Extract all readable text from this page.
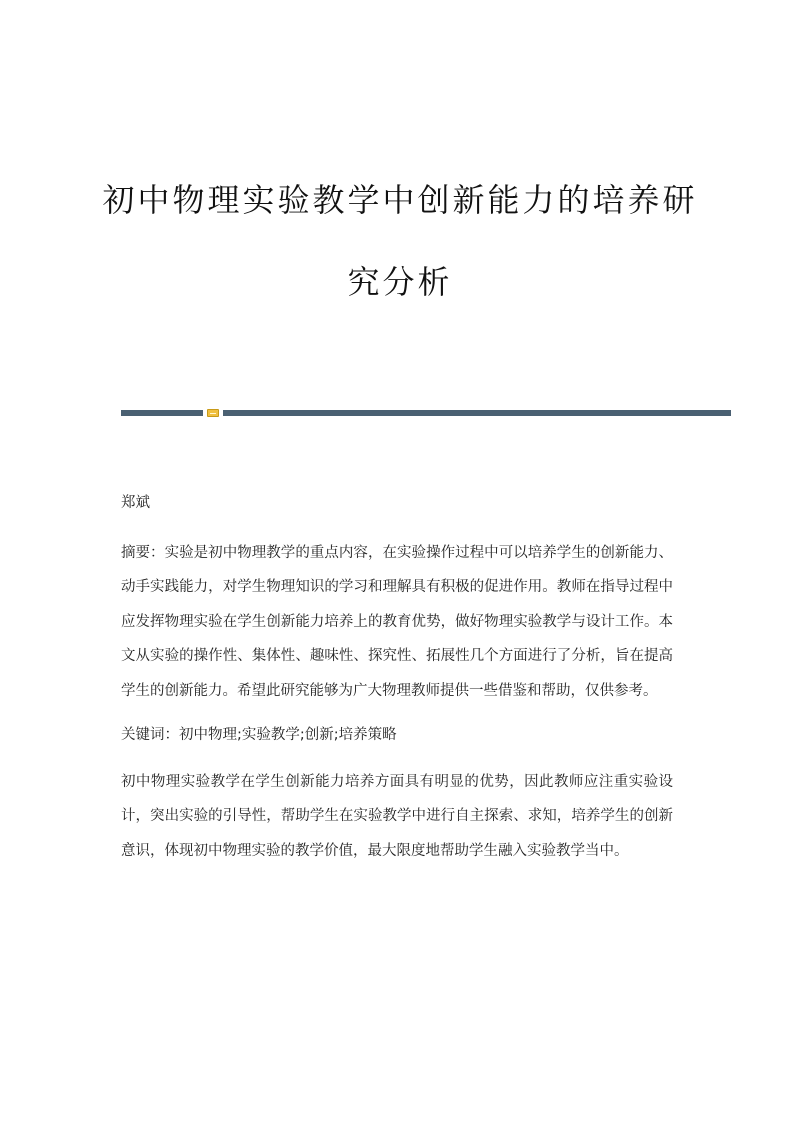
初中物理实验教学中创新能力的培养研

究分析

郑斌

摘要：实验是初中物理教学的重点内容，在实验操作过程中可以培养学生的创新能力、动手实践能力，对学生物理知识的学习和理解具有积极的促进作用。教师在指导过程中应发挥物理实验在学生创新能力培养上的教育优势，做好物理实验教学与设计工作。本文从实验的操作性、集体性、趣味性、探究性、拓展性几个方面进行了分析，旨在提高学生的创新能力。希望此研究能够为广大物理教师提供一些借鉴和帮助，仅供参考。

关键词：初中物理;实验教学;创新;培养策略

初中物理实验教学在学生创新能力培养方面具有明显的优势，因此教师应注重实验设计，突出实验的引导性，帮助学生在实验教学中进行自主探索、求知，培养学生的创新意识，体现初中物理实验的教学价值，最大限度地帮助学生融入实验教学当中。
